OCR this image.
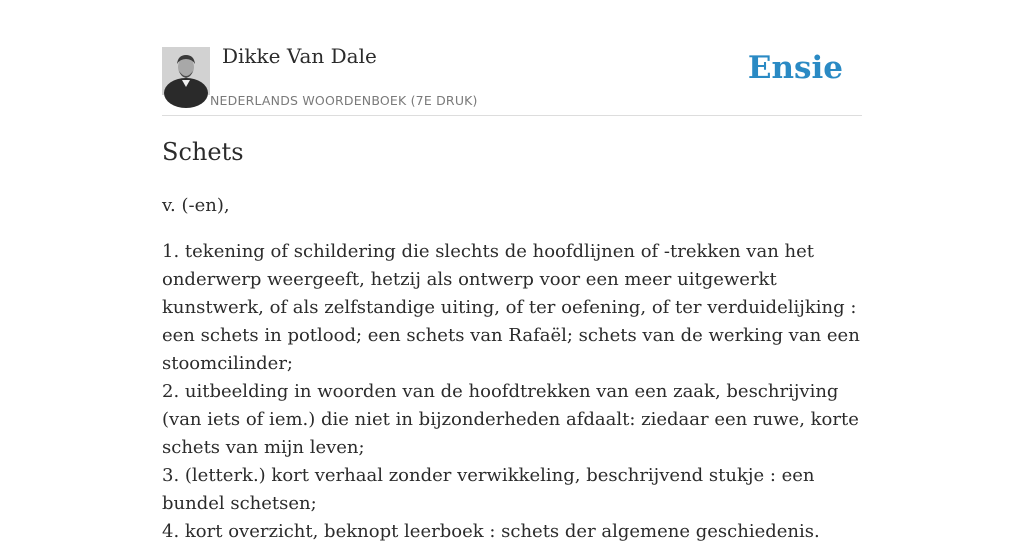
Dikke Van Dale
NEDERLANDS WOORDENBOEK (7E DRUK)
Ensie
Schets

v. (-en),

1. tekening of schildering die slechts de hoofdlijnen of -trekken van het onderwerp weergeeft, hetzij als ontwerp voor een meer uitgewerkt kunstwerk, of als zelfstandige uiting, of ter oefening, of ter verduidelijking : een schets in potlood; een schets van Rafaël; schets van de werking van een stoomcilinder;

2. uitbeelding in woorden van de hoofdtrekken van een zaak, beschrijving (van iets of iem.) die niet in bijzonderheden afdaalt: ziedaar een ruwe, korte schets van mijn leven;

3. (letterk.) kort verhaal zonder verwikkeling, beschrijvend stukje : een bundel schetsen;

4. kort overzicht, beknopt leerboek : schets der algemene geschiedenis.
